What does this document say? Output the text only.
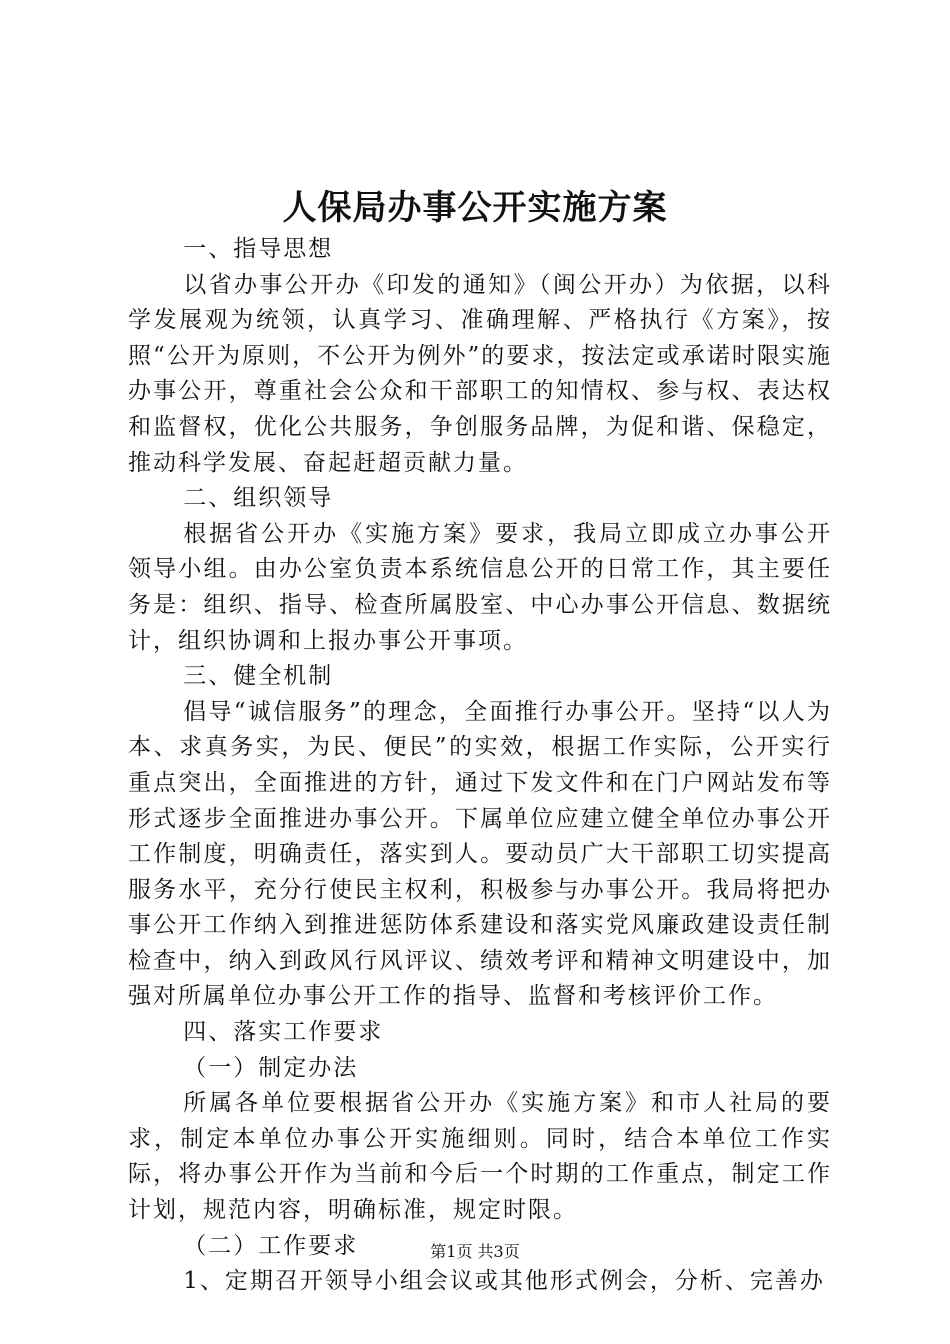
人保局办事公开实施方案

一、指导思想

以省办事公开办《印发的通知》（闽公开办）为依据，以科学发展观为统领，认真学习、准确理解、严格执行《方案》，按照“公开为原则，不公开为例外”的要求，按法定或承诺时限实施办事公开，尊重社会公众和干部职工的知情权、参与权、表达权和监督权，优化公共服务，争创服务品牌，为促和谐、保稳定，推动科学发展、奋起赶超贡献力量。

二、组织领导

根据省公开办《实施方案》要求，我局立即成立办事公开领导小组。由办公室负责本系统信息公开的日常工作，其主要任务是：组织、指导、检查所属股室、中心办事公开信息、数据统计，组织协调和上报办事公开事项。

三、健全机制

倡导“诚信服务”的理念，全面推行办事公开。坚持“以人为本、求真务实，为民、便民”的实效，根据工作实际，公开实行重点突出，全面推进的方针，通过下发文件和在门户网站发布等形式逐步全面推进办事公开。下属单位应建立健全单位办事公开工作制度，明确责任，落实到人。要动员广大干部职工切实提高服务水平，充分行使民主权利，积极参与办事公开。我局将把办事公开工作纳入到推进惩防体系建设和落实党风廉政建设责任制检查中，纳入到政风行风评议、绩效考评和精神文明建设中，加强对所属单位办事公开工作的指导、监督和考核评价工作。

四、落实工作要求

（一）制定办法

所属各单位要根据省公开办《实施方案》和市人社局的要求，制定本单位办事公开实施细则。同时，结合本单位工作实际，将办事公开作为当前和今后一个时期的工作重点，制定工作计划，规范内容，明确标准，规定时限。

（二）工作要求

1、定期召开领导小组会议或其他形式例会，分析、完善办

第1页 共3页
